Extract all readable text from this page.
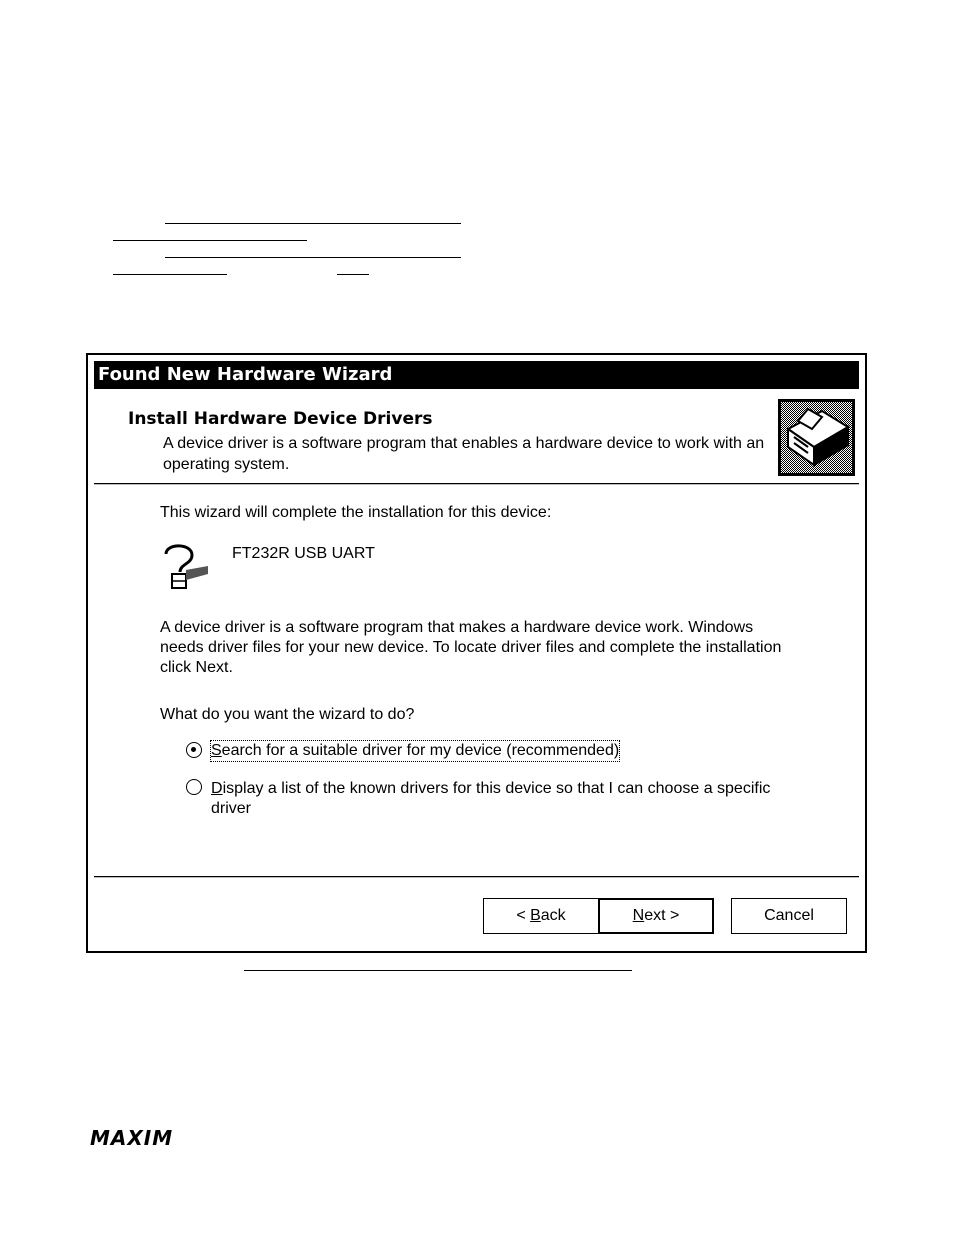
Found New Hardware Wizard
Install Hardware Device Drivers
A device driver is a software program that enables a hardware device to work with an operating system.
This wizard will complete the installation for this device:
FT232R USB UART
A device driver is a software program that makes a hardware device work. Windows needs driver files for your new device. To locate driver files and complete the installation click Next.
What do you want the wizard to do?
Search for a suitable driver for my device (recommended)
Display a list of the known drivers for this device so that I can choose a specific driver
< B ack	N ext >	Cancel
MAXIM
